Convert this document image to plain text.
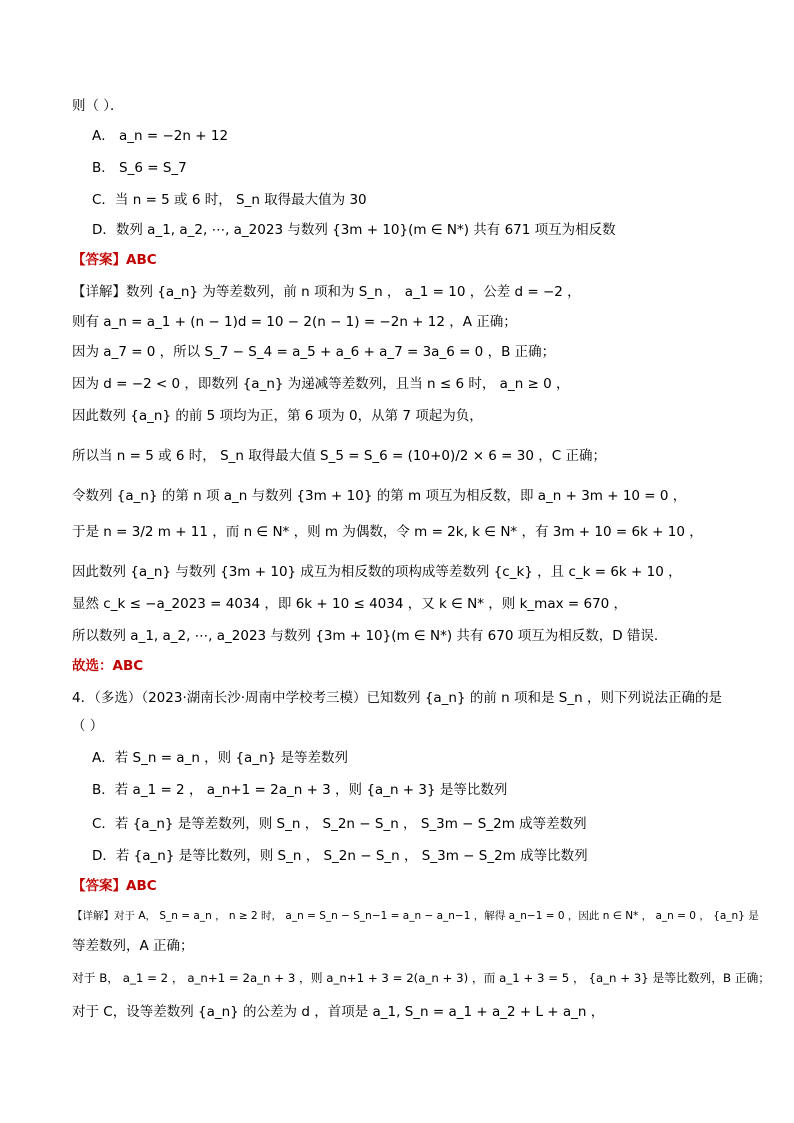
则（ ）．
A． a_n = −2n + 12
B． S_6 = S_7
C．当 n = 5 或 6 时， S_n 取得最大值为 30
D．数列 a_1, a_2, ⋯, a_2023 与数列 {3m + 10}(m ∈ N*) 共有 671 项互为相反数
【答案】ABC
【详解】数列 {a_n} 为等差数列，前 n 项和为 S_n ， a_1 = 10 ，公差 d = −2 ，
则有 a_n = a_1 + (n − 1)d = 10 − 2(n − 1) = −2n + 12 ，A 正确；
因为 a_7 = 0 ，所以 S_7 − S_4 = a_5 + a_6 + a_7 = 3a_6 = 0 ，B 正确；
因为 d = −2 < 0 ，即数列 {a_n} 为递减等差数列，且当 n ≤ 6 时， a_n ≥ 0 ，
因此数列 {a_n} 的前 5 项均为正，第 6 项为 0，从第 7 项起为负，
所以当 n = 5 或 6 时， S_n 取得最大值 S_5 = S_6 = (10+0)/2 × 6 = 30 ，C 正确；
令数列 {a_n} 的第 n 项 a_n 与数列 {3m + 10} 的第 m 项互为相反数，即 a_n + 3m + 10 = 0 ，
于是 n = 3/2 m + 11 ，而 n ∈ N* ，则 m 为偶数，令 m = 2k, k ∈ N* ，有 3m + 10 = 6k + 10 ，
因此数列 {a_n} 与数列 {3m + 10} 成互为相反数的项构成等差数列 {c_k} ，且 c_k = 6k + 10 ，
显然 c_k ≤ −a_2023 = 4034 ，即 6k + 10 ≤ 4034 ，又 k ∈ N* ，则 k_max = 670 ，
所以数列 a_1, a_2, ⋯, a_2023 与数列 {3m + 10}(m ∈ N*) 共有 670 项互为相反数，D 错误.
故选：ABC
4．（多选）（2023·湖南长沙·周南中学校考三模）已知数列 {a_n} 的前 n 项和是 S_n ，则下列说法正确的是
（ ）
A．若 S_n = a_n ，则 {a_n} 是等差数列
B．若 a_1 = 2 ， a_n+1 = 2a_n + 3 ，则 {a_n + 3} 是等比数列
C．若 {a_n} 是等差数列，则 S_n ， S_2n − S_n ， S_3m − S_2m 成等差数列
D．若 {a_n} 是等比数列，则 S_n ， S_2n − S_n ， S_3m − S_2m 成等比数列
【答案】ABC
【详解】对于 A， S_n = a_n ， n ≥ 2 时， a_n = S_n − S_n−1 = a_n − a_n−1 ，解得 a_n−1 = 0 ，因此 n ∈ N* ， a_n = 0 ， {a_n} 是
等差数列，A 正确；
对于 B， a_1 = 2 ， a_n+1 = 2a_n + 3 ，则 a_n+1 + 3 = 2(a_n + 3) ，而 a_1 + 3 = 5 ， {a_n + 3} 是等比数列，B 正确；
对于 C，设等差数列 {a_n} 的公差为 d ，首项是 a_1, S_n = a_1 + a_2 + L + a_n ，
